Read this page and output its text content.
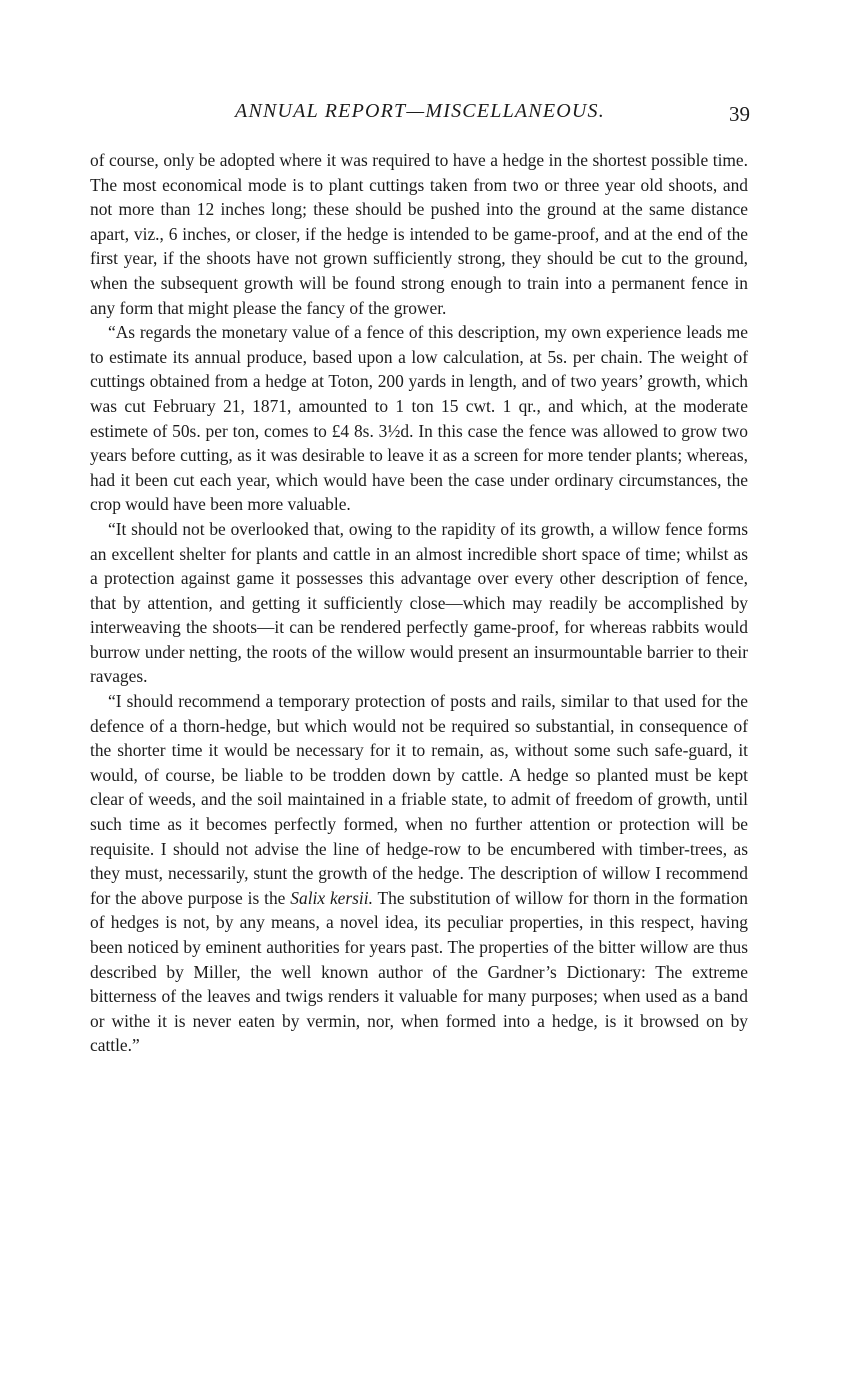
ANNUAL REPORT—MISCELLANEOUS.	39

of course, only be adopted where it was required to have a hedge in the shortest possible time. The most economical mode is to plant cuttings taken from two or three year old shoots, and not more than 12 inches long; these should be pushed into the ground at the same distance apart, viz., 6 inches, or closer, if the hedge is intended to be game-proof, and at the end of the first year, if the shoots have not grown sufficiently strong, they should be cut to the ground, when the subsequent growth will be found strong enough to train into a permanent fence in any form that might please the fancy of the grower.

“As regards the monetary value of a fence of this description, my own experience leads me to estimate its annual produce, based upon a low calculation, at 5s. per chain. The weight of cuttings obtained from a hedge at Toton, 200 yards in length, and of two years’ growth, which was cut February 21, 1871, amounted to 1 ton 15 cwt. 1 qr., and which, at the moderate estimete of 50s. per ton, comes to £4 8s. 3½d. In this case the fence was allowed to grow two years before cutting, as it was desirable to leave it as a screen for more tender plants; whereas, had it been cut each year, which would have been the case under ordinary circumstances, the crop would have been more valuable.

“It should not be overlooked that, owing to the rapidity of its growth, a willow fence forms an excellent shelter for plants and cattle in an almost incredible short space of time; whilst as a protection against game it possesses this advantage over every other description of fence, that by attention, and getting it sufficiently close—which may readily be accomplished by interweaving the shoots—it can be rendered perfectly game-proof, for whereas rabbits would burrow under netting, the roots of the willow would present an insurmountable barrier to their ravages.

“I should recommend a temporary protection of posts and rails, similar to that used for the defence of a thorn-hedge, but which would not be required so substantial, in consequence of the shorter time it would be necessary for it to remain, as, without some such safe-guard, it would, of course, be liable to be trodden down by cattle. A hedge so planted must be kept clear of weeds, and the soil maintained in a friable state, to admit of freedom of growth, until such time as it becomes perfectly formed, when no further attention or protection will be requisite. I should not advise the line of hedge-row to be encumbered with timber-trees, as they must, necessarily, stunt the growth of the hedge. The description of willow I recommend for the above purpose is the Salix kersii. The substitution of willow for thorn in the formation of hedges is not, by any means, a novel idea, its peculiar properties, in this respect, having been noticed by eminent authorities for years past. The properties of the bitter willow are thus described by Miller, the well known author of the Gardner’s Dictionary: The extreme bitterness of the leaves and twigs renders it valuable for many purposes; when used as a band or withe it is never eaten by vermin, nor, when formed into a hedge, is it browsed on by cattle.”
